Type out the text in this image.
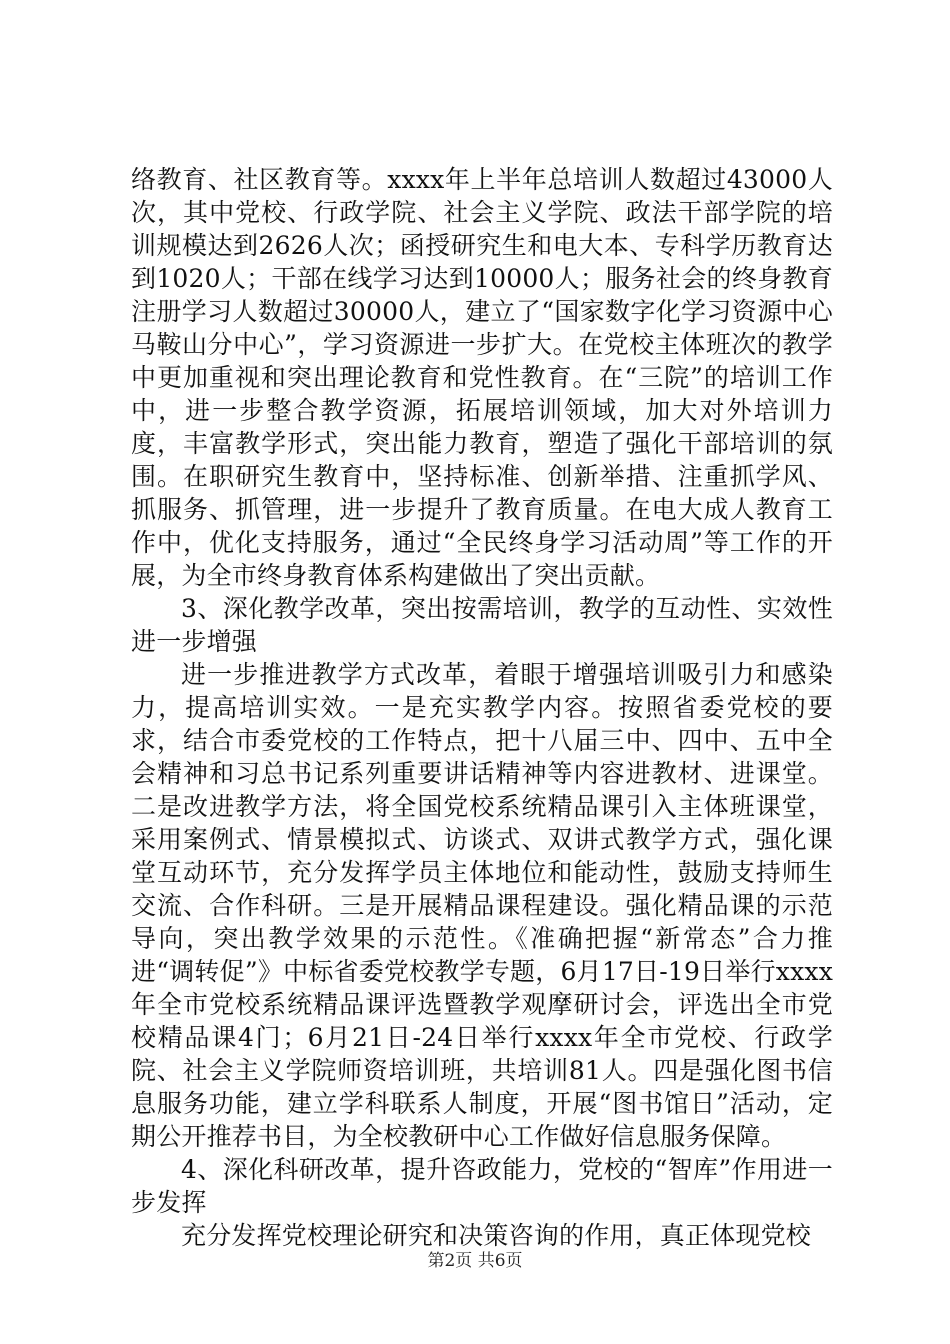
络教育、社区教育等。xxxx年上半年总培训人数超过43000人次，其中党校、行政学院、社会主义学院、政法干部学院的培训规模达到2626人次；函授研究生和电大本、专科学历教育达到1020人；干部在线学习达到10000人；服务社会的终身教育注册学习人数超过30000人，建立了“国家数字化学习资源中心马鞍山分中心”，学习资源进一步扩大。在党校主体班次的教学中更加重视和突出理论教育和党性教育。在“三院”的培训工作中，进一步整合教学资源，拓展培训领域，加大对外培训力度，丰富教学形式，突出能力教育，塑造了强化干部培训的氛围。在职研究生教育中，坚持标准、创新举措、注重抓学风、抓服务、抓管理，进一步提升了教育质量。在电大成人教育工作中，优化支持服务，通过“全民终身学习活动周”等工作的开展，为全市终身教育体系构建做出了突出贡献。

3、深化教学改革，突出按需培训，教学的互动性、实效性进一步增强

进一步推进教学方式改革，着眼于增强培训吸引力和感染力，提高培训实效。一是充实教学内容。按照省委党校的要求，结合市委党校的工作特点，把十八届三中、四中、五中全会精神和习总书记系列重要讲话精神等内容进教材、进课堂。二是改进教学方法，将全国党校系统精品课引入主体班课堂，采用案例式、情景模拟式、访谈式、双讲式教学方式，强化课堂互动环节，充分发挥学员主体地位和能动性，鼓励支持师生交流、合作科研。三是开展精品课程建设。强化精品课的示范导向，突出教学效果的示范性。《准确把握“新常态”合力推进“调转促”》中标省委党校教学专题，6月17日-19日举行xxxx年全市党校系统精品课评选暨教学观摩研讨会，评选出全市党校精品课4门；6月21日-24日举行xxxx年全市党校、行政学院、社会主义学院师资培训班，共培训81人。四是强化图书信息服务功能，建立学科联系人制度，开展“图书馆日”活动，定期公开推荐书目，为全校教研中心工作做好信息服务保障。

4、深化科研改革，提升咨政能力，党校的“智库”作用进一步发挥

充分发挥党校理论研究和决策咨询的作用，真正体现党校

第2页 共6页
